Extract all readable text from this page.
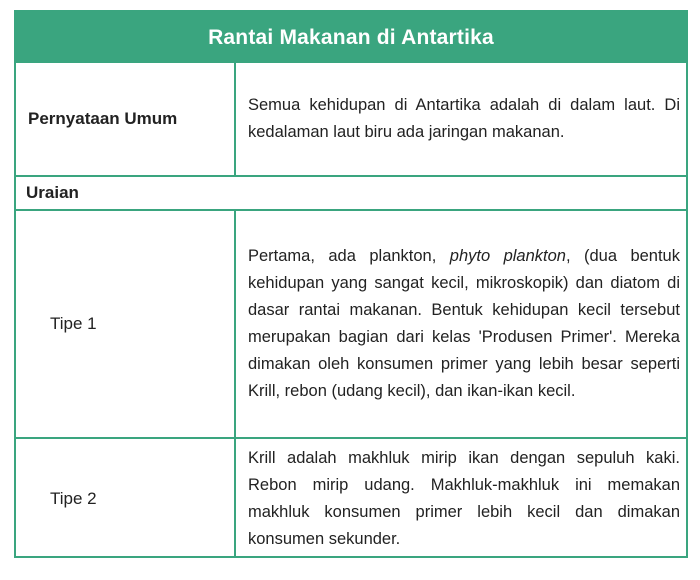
Rantai Makanan di Antartika
Pernyataan Umum

Semua kehidupan di Antartika adalah di dalam laut. Di kedalaman laut biru ada jaringan makanan.

Uraian
Tipe 1

Pertama, ada plankton, phyto plankton, (dua bentuk kehidupan yang sangat kecil, mikroskopik) dan diatom di dasar rantai makanan. Bentuk kehidupan kecil tersebut merupakan bagian dari kelas 'Produsen Primer'. Mereka dimakan oleh konsumen primer yang lebih besar seperti Krill, rebon (udang kecil), dan ikan-ikan kecil.

Tipe 2

Krill adalah makhluk mirip ikan dengan sepuluh kaki. Rebon mirip udang. Makhluk-makhluk ini memakan makhluk konsumen primer lebih kecil dan dimakan konsumen sekunder.
